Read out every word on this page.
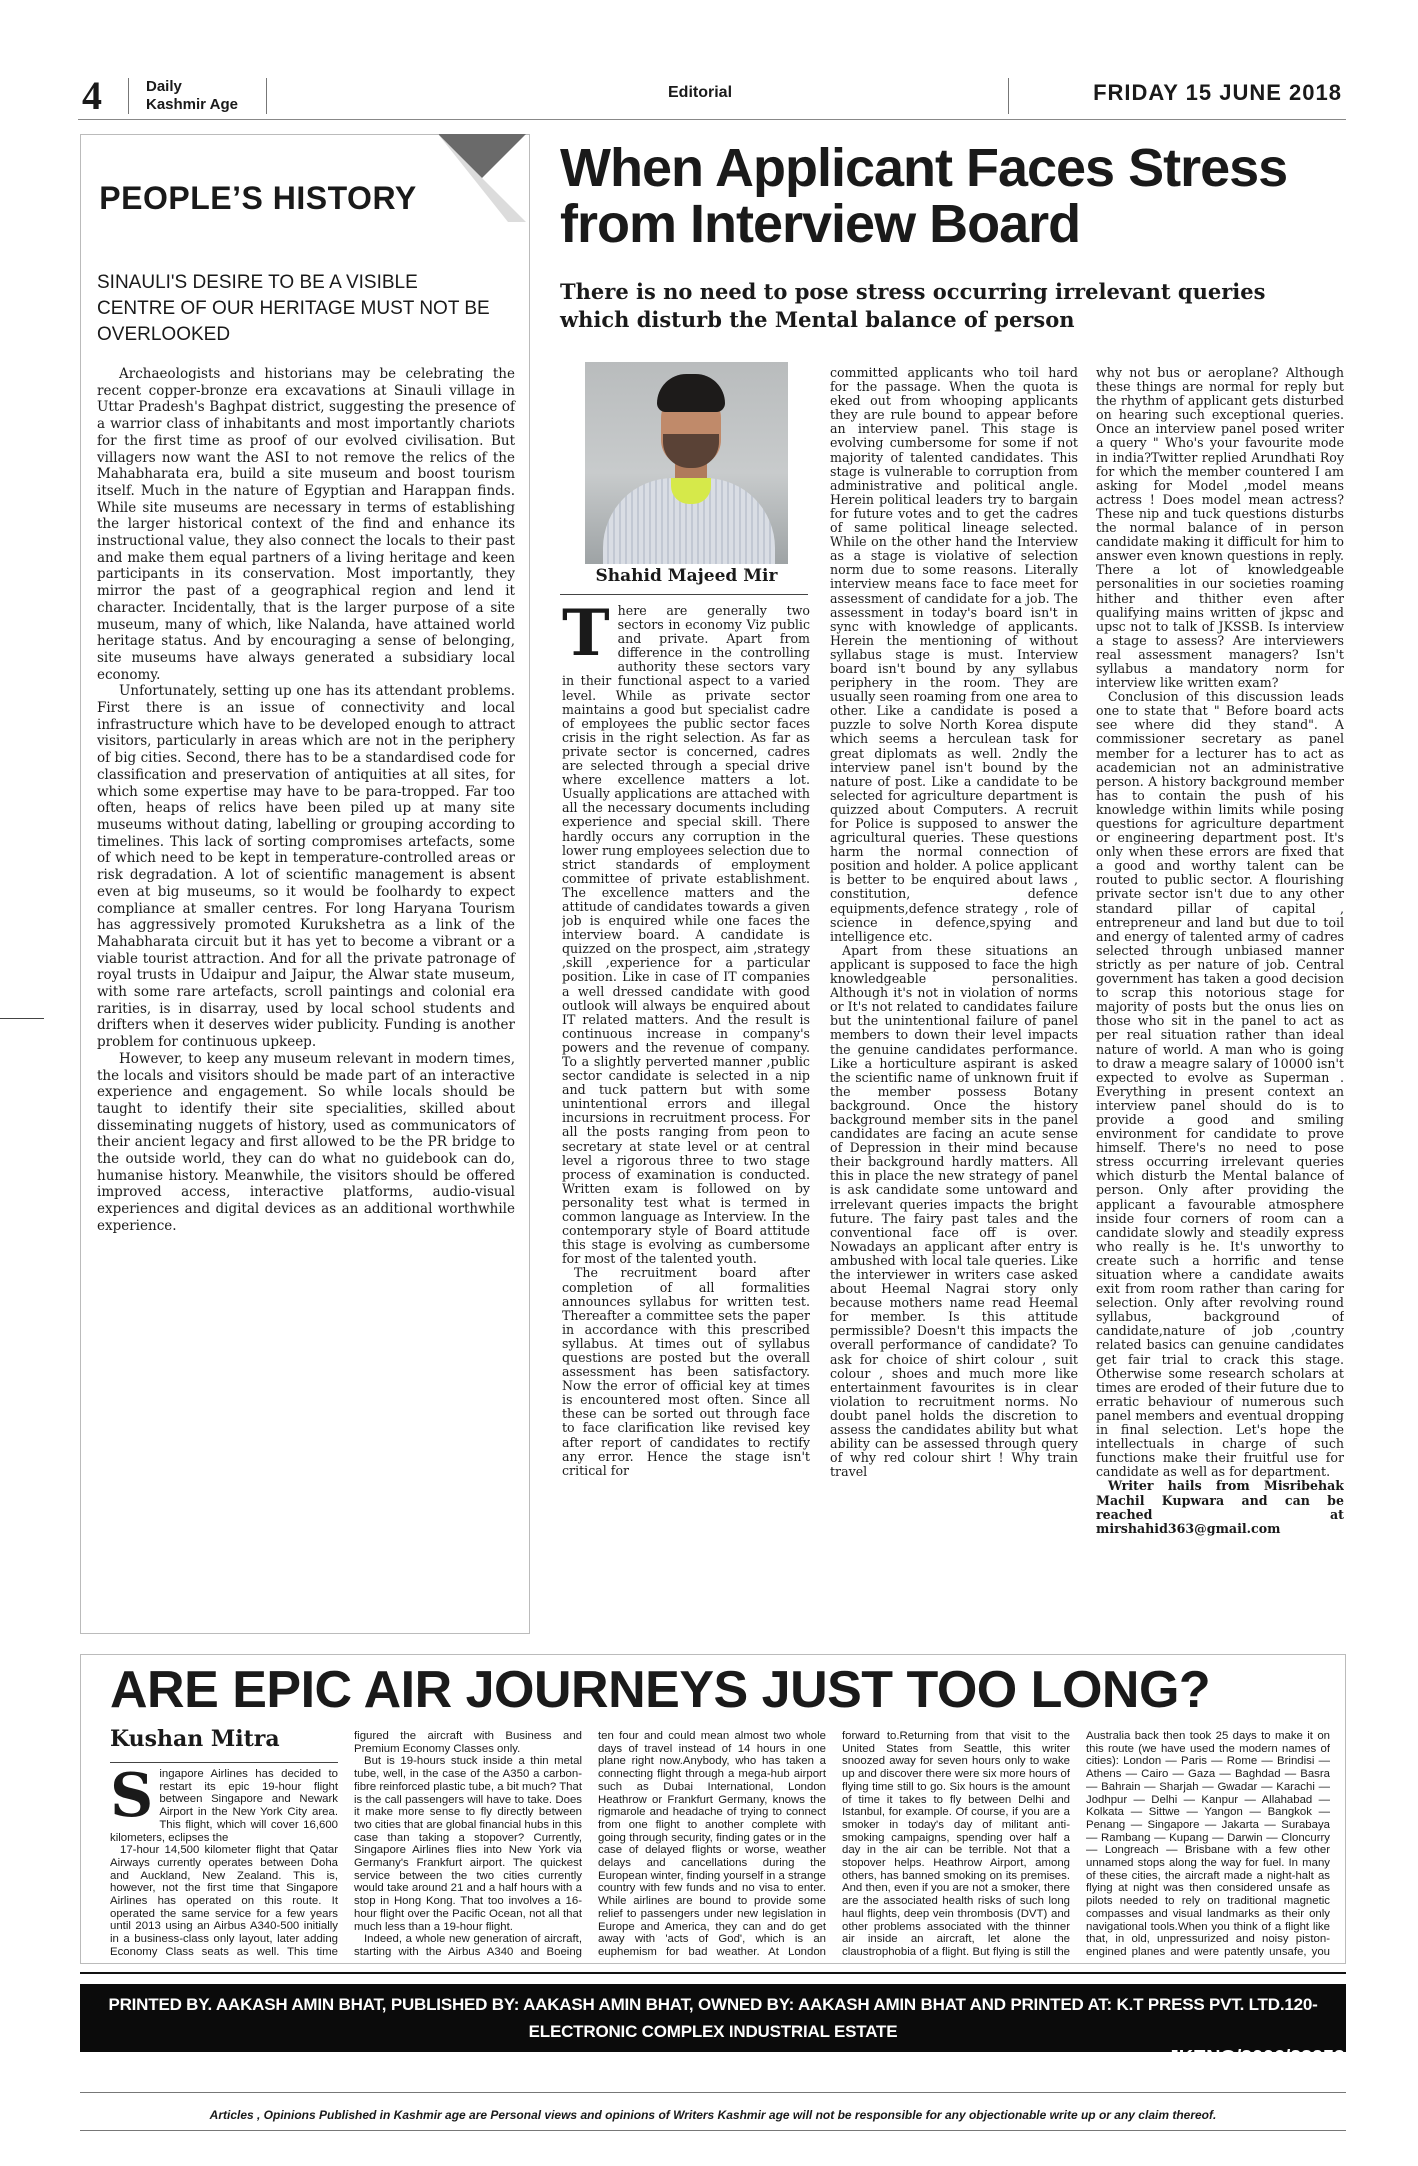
4	Daily
Kashmir Age
Editorial	FRIDAY 15 JUNE 2018
PEOPLE’S HISTORY
SINAULI'S DESIRE TO BE A VISIBLE CENTRE OF OUR HERITAGE MUST NOT BE OVERLOOKED

Archaeologists and historians may be celebrating the recent copper-bronze era excavations at Sinauli village in Uttar Pradesh's Baghpat district, suggesting the presence of a warrior class of inhabitants and most importantly chariots for the first time as proof of our evolved civilisation. But villagers now want the ASI to not remove the relics of the Mahabharata era, build a site museum and boost tourism itself. Much in the nature of Egyptian and Harappan finds. While site museums are necessary in terms of establishing the larger historical context of the find and enhance its instructional value, they also connect the locals to their past and make them equal partners of a living heritage and keen participants in its conservation. Most importantly, they mirror the past of a geographical region and lend it character. Incidentally, that is the larger purpose of a site museum, many of which, like Nalanda, have attained world heritage status. And by encouraging a sense of belonging, site museums have always generated a subsidiary local economy.

Unfortunately, setting up one has its attendant problems. First there is an issue of connectivity and local infrastructure which have to be developed enough to attract visitors, particularly in areas which are not in the periphery of big cities. Second, there has to be a standardised code for classification and preservation of antiquities at all sites, for which some expertise may have to be para-tropped. Far too often, heaps of relics have been piled up at many site museums without dating, labelling or grouping according to timelines. This lack of sorting compromises artefacts, some of which need to be kept in temperature-controlled areas or risk degradation. A lot of scientific management is absent even at big museums, so it would be foolhardy to expect compliance at smaller centres. For long Haryana Tourism has aggressively promoted Kurukshetra as a link of the Mahabharata circuit but it has yet to become a vibrant or a viable tourist attraction. And for all the private patronage of royal trusts in Udaipur and Jaipur, the Alwar state museum, with some rare artefacts, scroll paintings and colonial era rarities, is in disarray, used by local school students and drifters when it deserves wider publicity. Funding is another problem for continuous upkeep.

However, to keep any museum relevant in modern times, the locals and visitors should be made part of an interactive experience and engagement. So while locals should be taught to identify their site specialities, skilled about disseminating nuggets of history, used as communicators of their ancient legacy and first allowed to be the PR bridge to the outside world, they can do what no guidebook can do, humanise history. Meanwhile, the visitors should be offered improved access, interactive platforms, audio-visual experiences and digital devices as an additional worthwhile experience.

When Applicant Faces Stress from Interview Board
There is no need to pose stress occurring irrelevant queries which disturb the Mental balance of person
Shahid Majeed Mir
T here are generally two sectors in economy Viz public and private. Apart from difference in the controlling authority these sectors vary in their functional aspect to a varied level. While as private sector maintains a good but specialist cadre of employees the public sector faces crisis in the right selection. As far as private sector is concerned, cadres are selected through a special drive where excellence matters a lot. Usually applications are attached with all the necessary documents including experience and special skill. There hardly occurs any corruption in the lower rung employees selection due to strict standards of employment committee of private establishment. The excellence matters and the attitude of candidates towards a given job is enquired while one faces the interview board. A candidate is quizzed on the prospect, aim ,strategy ,skill ,experience for a particular position. Like in case of IT companies a well dressed candidate with good outlook will always be enquired about IT related matters. And the result is continuous increase in company's powers and the revenue of company. To a slightly perverted manner ,public sector candidate is selected in a nip and tuck pattern but with some unintentional errors and illegal incursions in recruitment process. For all the posts ranging from peon to secretary at state level or at central level a rigorous three to two stage process of examination is conducted. Written exam is followed on by personality test what is termed in common language as Interview. In the contemporary style of Board attitude this stage is evolving as cumbersome for most of the talented youth.

The recruitment board after completion of all formalities announces syllabus for written test. Thereafter a committee sets the paper in accordance with this prescribed syllabus. At times out of syllabus questions are posted but the overall assessment has been satisfactory. Now the error of official key at times is encountered most often. Since all these can be sorted out through face to face clarification like revised key after report of candidates to rectify any error. Hence the stage isn't critical for

committed applicants who toil hard for the passage. When the quota is eked out from whooping applicants they are rule bound to appear before an interview panel. This stage is evolving cumbersome for some if not majority of talented candidates. This stage is vulnerable to corruption from administrative and political angle. Herein political leaders try to bargain for future votes and to get the cadres of same political lineage selected. While on the other hand the Interview as a stage is violative of selection norm due to some reasons. Literally interview means face to face meet for assessment of candidate for a job. The assessment in today's board isn't in sync with knowledge of applicants. Herein the mentioning of without syllabus stage is must. Interview board isn't bound by any syllabus periphery in the room. They are usually seen roaming from one area to other. Like a candidate is posed a puzzle to solve North Korea dispute which seems a herculean task for great diplomats as well. 2ndly the interview panel isn't bound by the nature of post. Like a candidate to be selected for agriculture department is quizzed about Computers. A recruit for Police is supposed to answer the agricultural queries. These questions harm the normal connection of position and holder. A police applicant is better to be enquired about laws , constitution, defence equipments,defence strategy , role of science in defence,spying and intelligence etc.

Apart from these situations an applicant is supposed to face the high knowledgeable personalities. Although it's not in violation of norms or It's not related to candidates failure but the unintentional failure of panel members to down their level impacts the genuine candidates performance. Like a horticulture aspirant is asked the scientific name of unknown fruit if the member possess Botany background. Once the history background member sits in the panel candidates are facing an acute sense of Depression in their mind because their background hardly matters. All this in place the new strategy of panel is ask candidate some untoward and irrelevant queries impacts the bright future. The fairy past tales and the conventional face off is over. Nowadays an applicant after entry is ambushed with local tale queries. Like the interviewer in writers case asked about Heemal Nagrai story only because mothers name read Heemal for member. Is this attitude permissible? Doesn't this impacts the overall performance of candidate? To ask for choice of shirt colour , suit colour , shoes and much more like entertainment favourites is in clear violation to recruitment norms. No doubt panel holds the discretion to assess the candidates ability but what ability can be assessed through query of why red colour shirt ! Why train travel

why not bus or aeroplane? Although these things are normal for reply but the rhythm of applicant gets disturbed on hearing such exceptional queries. Once an interview panel posed writer a query " Who's your favourite mode in india?Twitter replied Arundhati Roy for which the member countered I am asking for Model ,model means actress ! Does model mean actress? These nip and tuck questions disturbs the normal balance of in person candidate making it difficult for him to answer even known questions in reply. There a lot of knowledgeable personalities in our societies roaming hither and thither even after qualifying mains written of jkpsc and upsc not to talk of JKSSB. Is interview a stage to assess? Are interviewers real assessment managers? Isn't syllabus a mandatory norm for interview like written exam?

Conclusion of this discussion leads one to state that " Before board acts see where did they stand". A commissioner secretary as panel member for a lecturer has to act as academician not an administrative person. A history background member has to contain the push of his knowledge within limits while posing questions for agriculture department or engineering department post. It's only when these errors are fixed that a good and worthy talent can be routed to public sector. A flourishing private sector isn't due to any other standard pillar of capital , entrepreneur and land but due to toil and energy of talented army of cadres selected through unbiased manner strictly as per nature of job. Central government has taken a good decision to scrap this notorious stage for majority of posts but the onus lies on those who sit in the panel to act as per real situation rather than ideal nature of world. A man who is going to draw a meagre salary of 10000 isn't expected to evolve as Superman . Everything in present context an interview panel should do is to provide a good and smiling environment for candidate to prove himself. There's no need to pose stress occurring irrelevant queries which disturb the Mental balance of person. Only after providing the applicant a favourable atmosphere inside four corners of room can a candidate slowly and steadily express who really is he. It's unworthy to create such a horrific and tense situation where a candidate awaits exit from room rather than caring for selection. Only after revolving round syllabus, background of candidate,nature of job ,country related basics can genuine candidates get fair trial to crack this stage. Otherwise some research scholars at times are eroded of their future due to erratic behaviour of numerous such panel members and eventual dropping in final selection. Let's hope the intellectuals in charge of such functions make their fruitful use for candidate as well as for department.

Writer hails from Misribehak Machil Kupwara and can be reached at mirshahid363@gmail.com

ARE EPIC AIR JOURNEYS JUST TOO LONG?
Kushan Mitra
S ingapore Airlines has decided to restart its epic 19-hour flight between Singapore and Newark Airport in the New York City area. This flight, which will cover 16,600 kilometers, eclipses the

17-hour 14,500 kilometer flight that Qatar Airways currently operates between Doha and Auckland, New Zealand. This is, however, not the first time that Singapore Airlines has operated on this route. It operated the same service for a few years until 2013 using an Airbus A340-500 initially in a business-class only layout, later adding Economy Class seats as well. This time

figured the aircraft with Business and Premium Economy Classes only.

But is 19-hours stuck inside a thin metal tube, well, in the case of the A350 a carbon-fibre reinforced plastic tube, a bit much? That is the call passengers will have to take. Does it make more sense to fly directly between two cities that are global financial hubs in this case than taking a stopover? Currently, Singapore Airlines flies into New York via Germany's Frankfurt airport. The quickest service between the two cities currently would take around 21 and a half hours with a stop in Hong Kong. That too involves a 16-hour flight over the Pacific Ocean, not all that much less than a 19-hour flight.

Indeed, a whole new generation of aircraft, starting with the Airbus A340 and Boeing

ten four and could mean almost two whole days of travel instead of 14 hours in one plane right now.Anybody, who has taken a connecting flight through a mega-hub airport such as Dubai International, London Heathrow or Frankfurt Germany, knows the rigmarole and headache of trying to connect from one flight to another complete with going through security, finding gates or in the case of delayed flights or worse, weather delays and cancellations during the European winter, finding yourself in a strange country with few funds and no visa to enter. While airlines are bound to provide some relief to passengers under new legislation in Europe and America, they can and do get away with 'acts of God', which is an euphemism for bad weather. At London

forward to.Returning from that visit to the United States from Seattle, this writer snoozed away for seven hours only to wake up and discover there were six more hours of flying time still to go. Six hours is the amount of time it takes to fly between Delhi and Istanbul, for example. Of course, if you are a smoker in today's day of militant anti-smoking campaigns, spending over half a day in the air can be terrible. Not that a stopover helps. Heathrow Airport, among others, has banned smoking on its premises. And then, even if you are not a smoker, there are the associated health risks of such long haul flights, deep vein thrombosis (DVT) and other problems associated with the thinner air inside an aircraft, let alone the claustrophobia of a flight. But flying is still the

Australia back then took 25 days to make it on this route (we have used the modern names of cities): London — Paris — Rome — Brindisi — Athens — Cairo — Gaza — Baghdad — Basra — Bahrain — Sharjah — Gwadar — Karachi — Jodhpur — Delhi — Kanpur — Allahabad — Kolkata — Sittwe — Yangon — Bangkok — Penang — Singapore — Jakarta — Surabaya — Rambang — Kupang — Darwin — Cloncurry — Longreach — Brisbane with a few other unnamed stops along the way for fuel. In many of these cities, the aircraft made a night-halt as flying at night was then considered unsafe as pilots needed to rely on traditional magnetic compasses and visual landmarks as their only navigational tools.When you think of a flight like that, in old, unpressurized and noisy piston-engined planes and were patently unsafe, you

PRINTED BY. AAKASH AMIN BHAT, PUBLISHED BY: AAKASH AMIN BHAT, OWNED BY: AAKASH AMIN BHAT AND PRINTED AT: K.T PRESS PVT. LTD.120- ELECTRONIC COMPLEX INDUSTRIAL ESTATE
RANGRETH BUDGAM, J&K. AND PUBLISHED AT: MEDIA ENCLAVE RESIDENCY ROAD SGR. 190001 J&K. EDITOR: AAKASH AMIN BHAT, JKENG/2006/23952
Articles , Opinions Published in Kashmir age are Personal views and opinions of Writers Kashmir age will not be responsible for any objectionable write up or any claim thereof.
